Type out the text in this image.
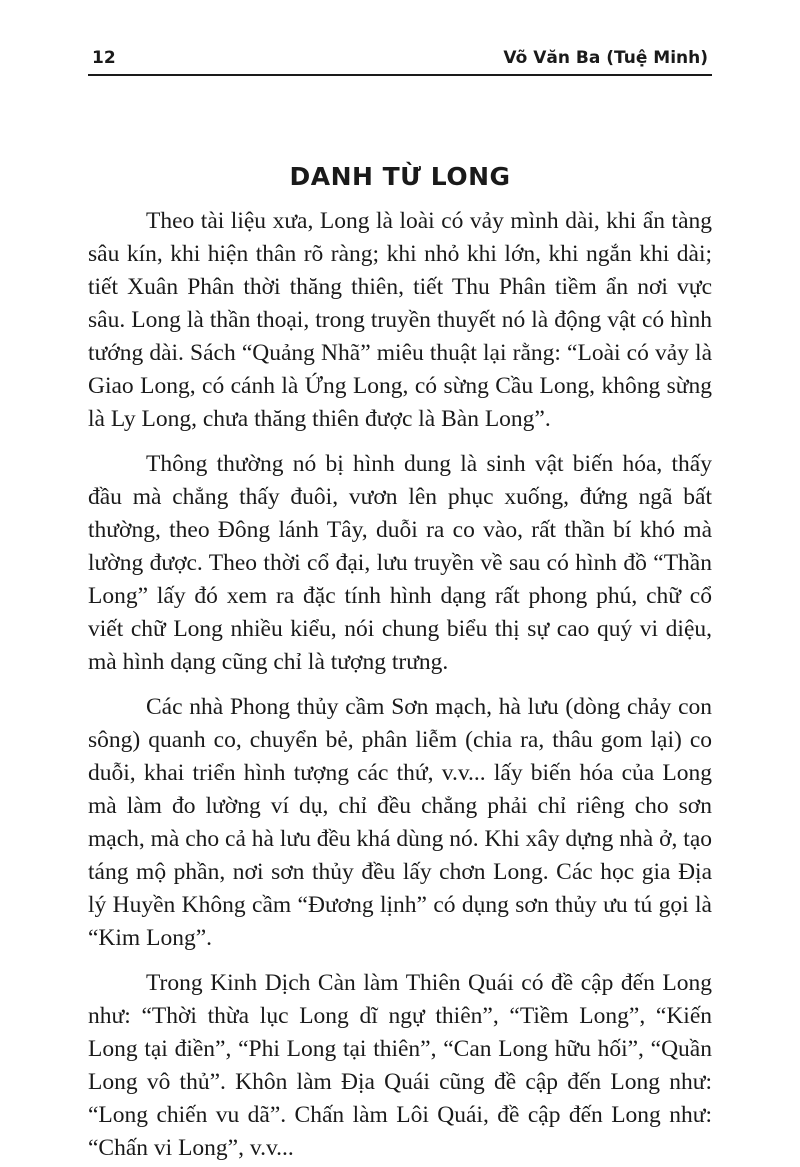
12	Võ Văn Ba (Tuệ Minh)
DANH TỪ LONG

Theo tài liệu xưa, Long là loài có vảy mình dài, khi ẩn tàng sâu kín, khi hiện thân rõ ràng; khi nhỏ khi lớn, khi ngắn khi dài; tiết Xuân Phân thời thăng thiên, tiết Thu Phân tiềm ẩn nơi vực sâu. Long là thần thoại, trong truyền thuyết nó là động vật có hình tướng dài. Sách “Quảng Nhã” miêu thuật lại rằng: “Loài có vảy là Giao Long, có cánh là Ứng Long, có sừng Cầu Long, không sừng là Ly Long, chưa thăng thiên được là Bàn Long”.

Thông thường nó bị hình dung là sinh vật biến hóa, thấy đầu mà chẳng thấy đuôi, vươn lên phục xuống, đứng ngã bất thường, theo Đông lánh Tây, duỗi ra co vào, rất thần bí khó mà lường được. Theo thời cổ đại, lưu truyền về sau có hình đồ “Thần Long” lấy đó xem ra đặc tính hình dạng rất phong phú, chữ cổ viết chữ Long nhiều kiểu, nói chung biểu thị sự cao quý vi diệu, mà hình dạng cũng chỉ là tượng trưng.

Các nhà Phong thủy cầm Sơn mạch, hà lưu (dòng chảy con sông) quanh co, chuyển bẻ, phân liễm (chia ra, thâu gom lại) co duỗi, khai triển hình tượng các thứ, v.v... lấy biến hóa của Long mà làm đo lường ví dụ, chỉ đều chẳng phải chỉ riêng cho sơn mạch, mà cho cả hà lưu đều khá dùng nó. Khi xây dựng nhà ở, tạo táng mộ phần, nơi sơn thủy đều lấy chơn Long. Các học gia Địa lý Huyền Không cầm “Đương lịnh” có dụng sơn thủy ưu tú gọi là “Kim Long”.

Trong Kinh Dịch Càn làm Thiên Quái có đề cập đến Long như: “Thời thừa lục Long dĩ ngự thiên”, “Tiềm Long”, “Kiến Long tại điền”, “Phi Long tại thiên”, “Can Long hữu hối”, “Quần Long vô thủ”. Khôn làm Địa Quái cũng đề cập đến Long như: “Long chiến vu dã”. Chấn làm Lôi Quái, đề cập đến Long như: “Chấn vi Long”, v.v...
